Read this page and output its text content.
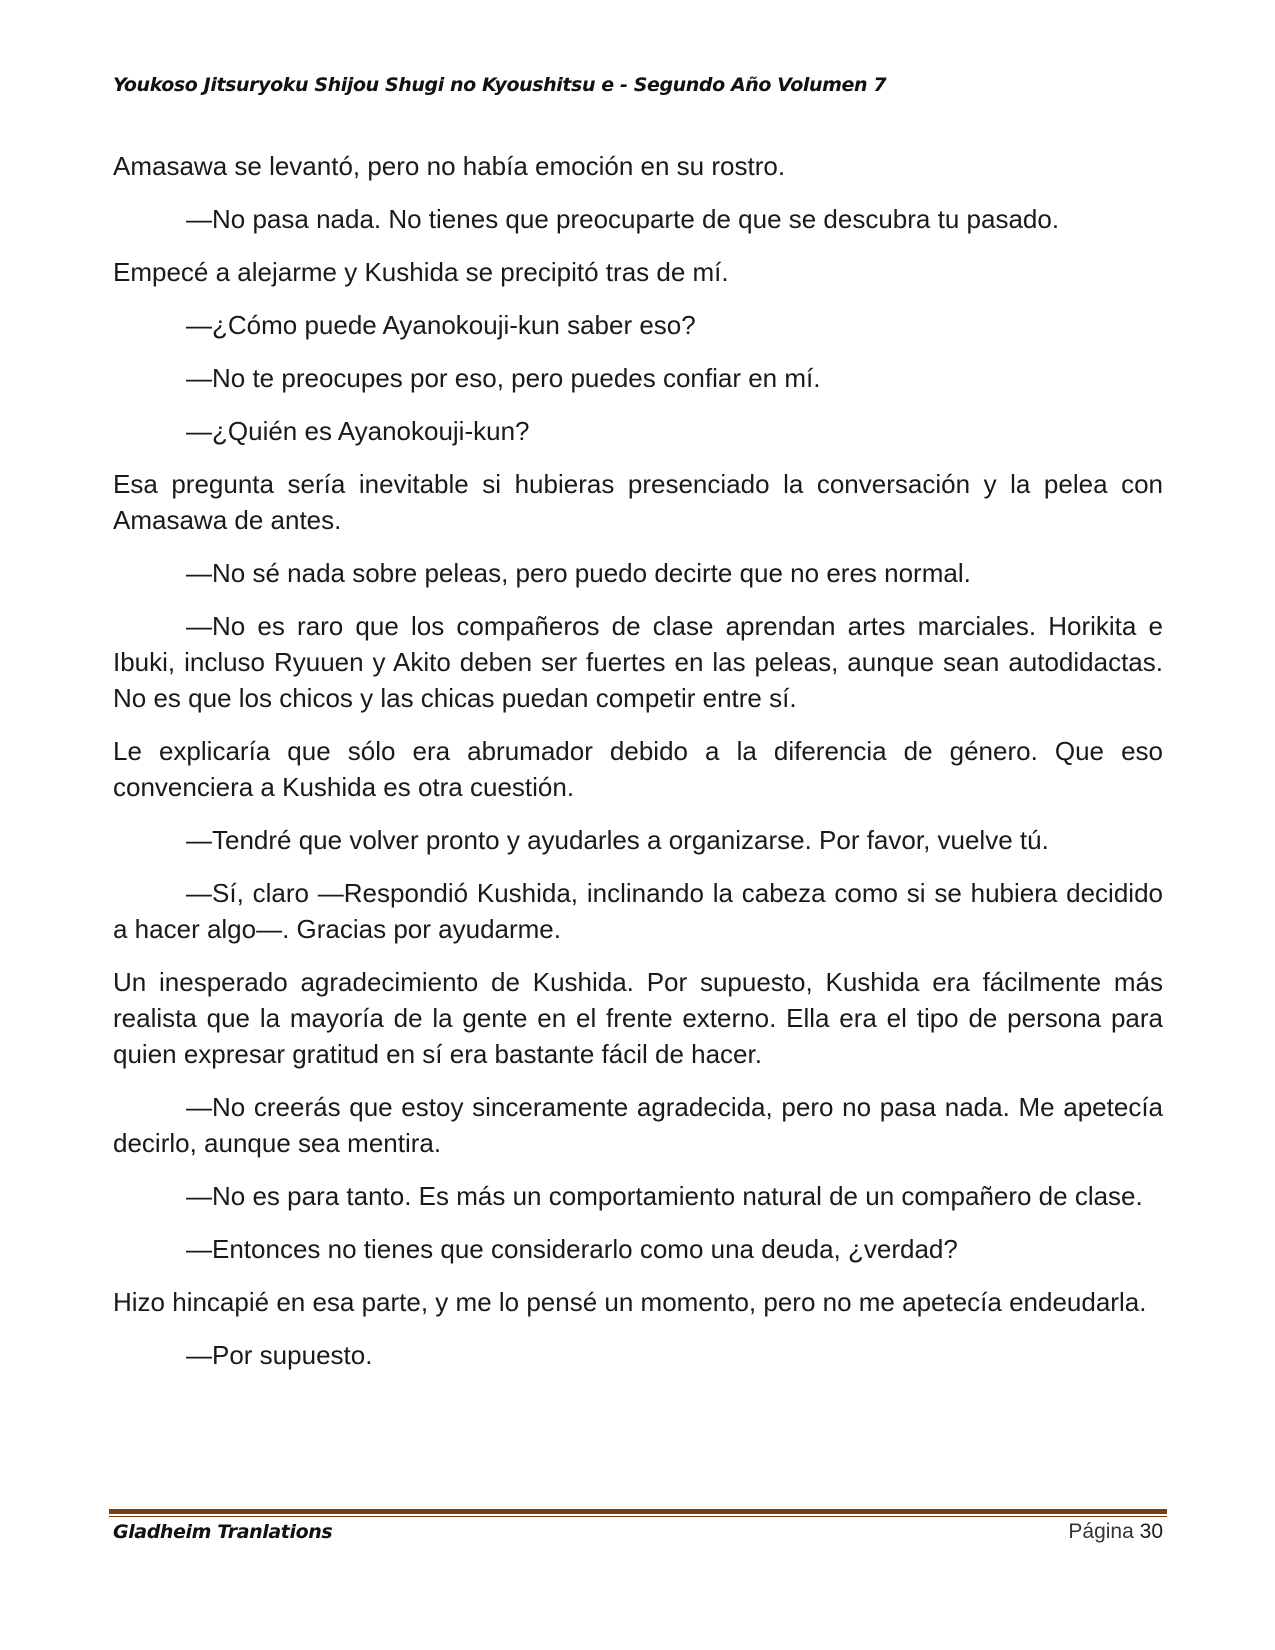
Youkoso Jitsuryoku Shijou Shugi no Kyoushitsu e - Segundo Año Volumen 7

Amasawa se levantó, pero no había emoción en su rostro.

—No pasa nada. No tienes que preocuparte de que se descubra tu pasado.

Empecé a alejarme y Kushida se precipitó tras de mí.

—¿Cómo puede Ayanokouji-kun saber eso?

—No te preocupes por eso, pero puedes confiar en mí.

—¿Quién es Ayanokouji-kun?

Esa pregunta sería inevitable si hubieras presenciado la conversación y la pelea con Amasawa de antes.

—No sé nada sobre peleas, pero puedo decirte que no eres normal.

—No es raro que los compañeros de clase aprendan artes marciales. Horikita e Ibuki, incluso Ryuuen y Akito deben ser fuertes en las peleas, aunque sean autodidactas. No es que los chicos y las chicas puedan competir entre sí.

Le explicaría que sólo era abrumador debido a la diferencia de género. Que eso convenciera a Kushida es otra cuestión.

—Tendré que volver pronto y ayudarles a organizarse. Por favor, vuelve tú.

—Sí, claro —Respondió Kushida, inclinando la cabeza como si se hubiera decidido a hacer algo—. Gracias por ayudarme.

Un inesperado agradecimiento de Kushida. Por supuesto, Kushida era fácilmente más realista que la mayoría de la gente en el frente externo. Ella era el tipo de persona para quien expresar gratitud en sí era bastante fácil de hacer.

—No creerás que estoy sinceramente agradecida, pero no pasa nada. Me apetecía decirlo, aunque sea mentira.

—No es para tanto. Es más un comportamiento natural de un compañero de clase.

—Entonces no tienes que considerarlo como una deuda, ¿verdad?

Hizo hincapié en esa parte, y me lo pensé un momento, pero no me apetecía endeudarla.

—Por supuesto.

Gladheim Tranlations	Página 30
